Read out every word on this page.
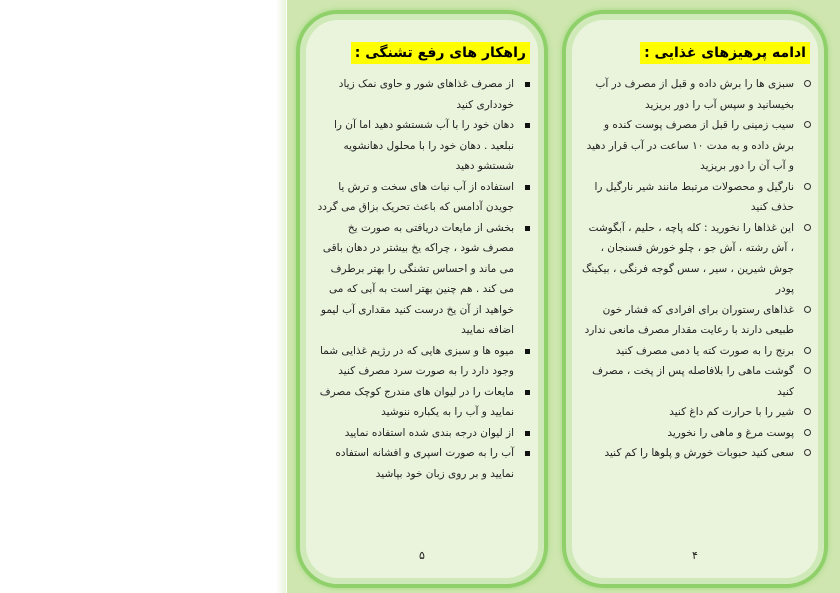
راهکار های رفع تشنگی :
از مصرف غذاهای شور و حاوی نمک زیاد خودداری کنید
دهان خود را با آب شستشو دهید اما آن را نبلعید . دهان خود را با محلول دهانشویه شستشو دهید
استفاده از آب نبات های سخت و ترش یا جویدن آدامس که باعث تحریک بزاق می گردد
بخشی از مایعات دریافتی به صورت یخ مصرف شود ، چراکه یخ بیشتر در دهان باقی می ماند و احساس تشنگی را بهتر برطرف می کند . هم چنین بهتر است به آبی که می خواهید از آن یخ درست کنید مقداری آب لیمو اضافه نمایید
میوه ها و سبزی هایی که در رژیم غذایی شما وجود دارد را به صورت سرد مصرف کنید
مایعات را در لیوان های مندرج کوچک مصرف نمایید و آب را به یکباره ننوشید
از لیوان درجه بندی شده استفاده نمایید
آب را به صورت اسپری و افشانه استفاده نمایید و بر روی زبان خود بپاشید
۵
ادامه پرهیزهای غذایی :
سبزی ها را برش داده و قبل از مصرف در آب بخیسانید و سپس آب را دور بریزید
سیب زمینی را قبل از مصرف پوست کنده و برش داده و به مدت ۱۰ ساعت در آب قرار دهید و آب آن را دور بریزید
نارگیل و محصولات مرتبط مانند شیر نارگیل را حذف کنید
این غذاها را نخورید : کله پاچه ، حلیم ، آبگوشت ، آش رشته ، آش جو ، چلو خورش فسنجان ، جوش شیرین ، سیر ، سس گوجه فرنگی ، بیکینگ پودر
غذاهای رستوران برای افرادی که فشار خون طبیعی دارند با رعایت مقدار مصرف مانعی ندارد
برنج را به صورت کته یا دمی مصرف کنید
گوشت ماهی را بلافاصله پس از پخت ، مصرف کنید
شیر را با حرارت کم داغ کنید
پوست مرغ و ماهی را نخورید
سعی کنید حبوبات خورش و پلوها را کم کنید
۴
